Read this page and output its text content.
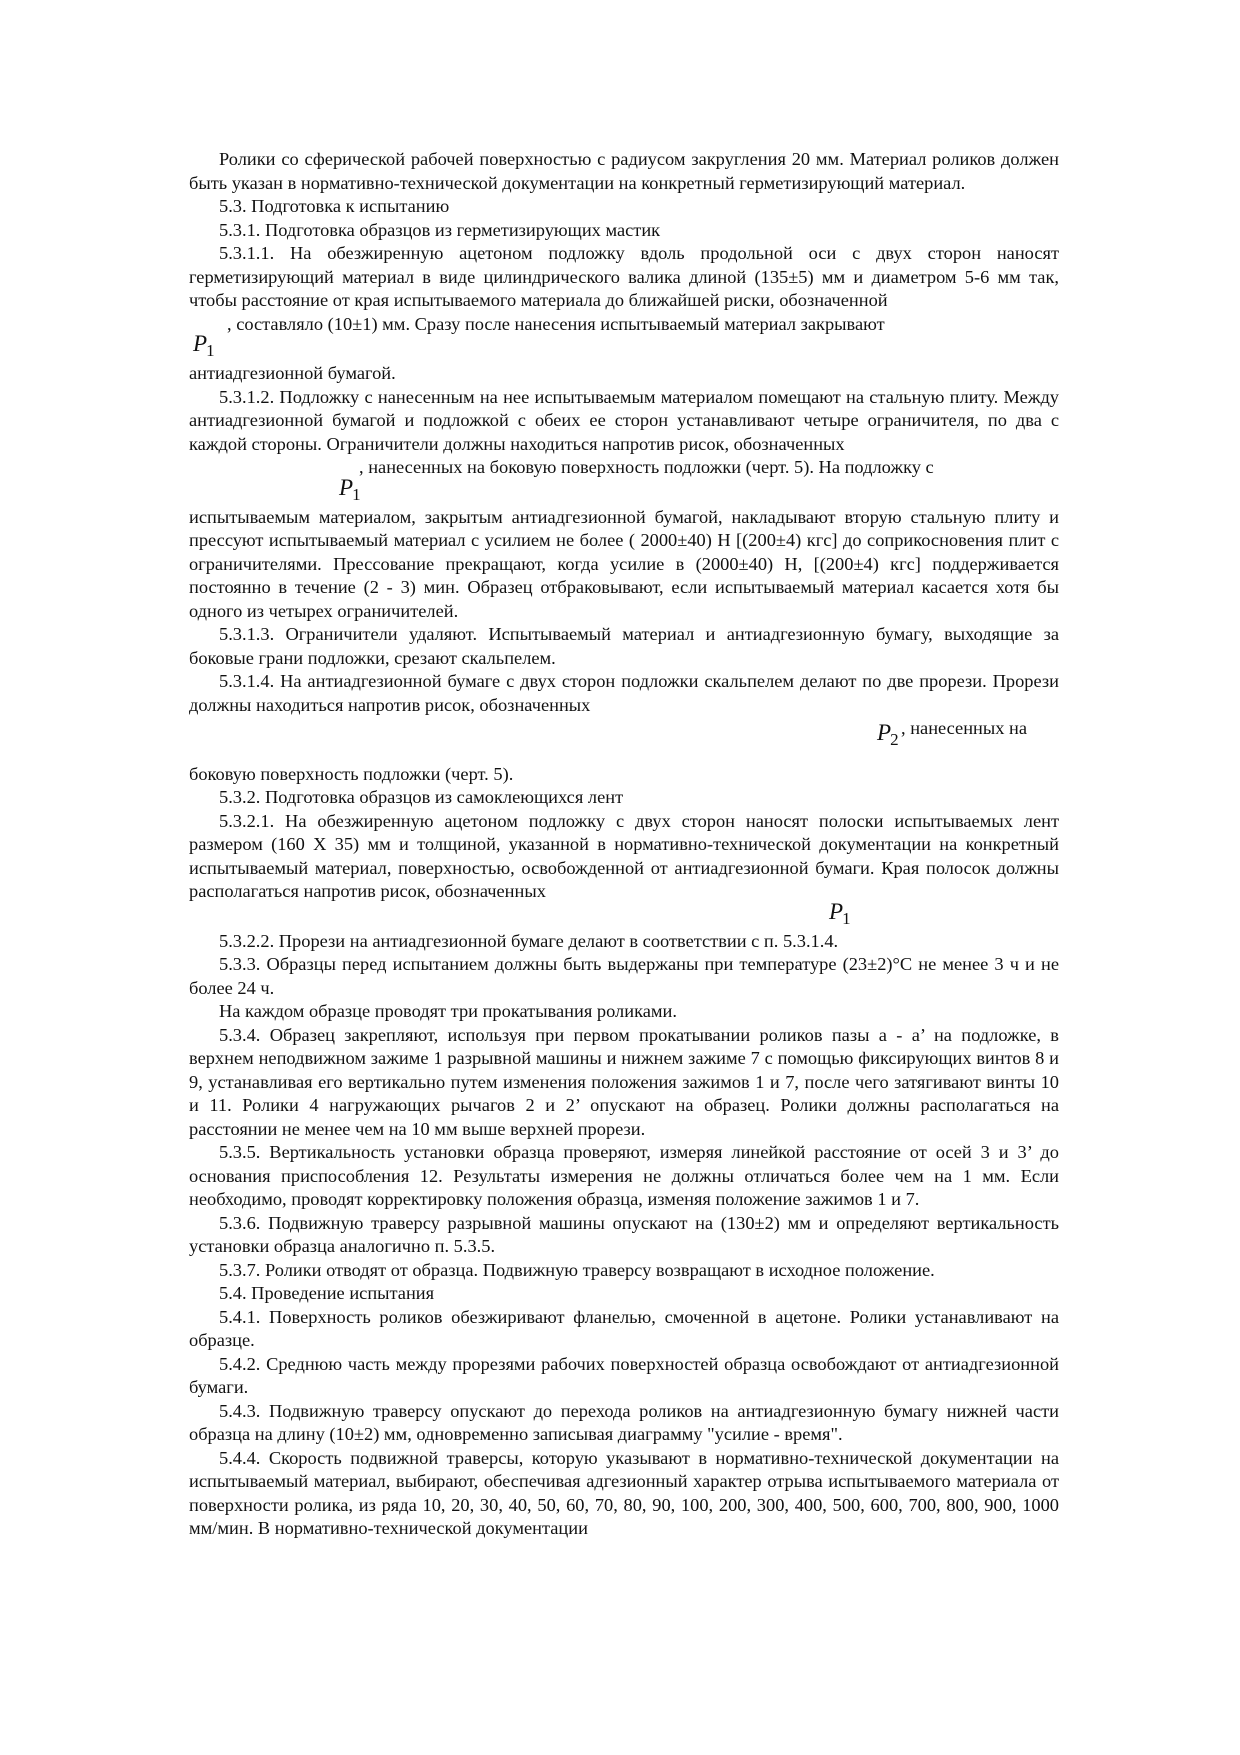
Ролики со сферической рабочей поверхностью с радиусом закругления 20 мм. Материал роликов должен быть указан в нормативно-технической документации на конкретный герметизирующий материал.

5.3. Подготовка к испытанию

5.3.1. Подготовка образцов из герметизирующих мастик

5.3.1.1. На обезжиренную ацетоном подложку вдоль продольной оси с двух сторон наносят герметизирующий материал в виде цилиндрического валика длиной (135±5) мм и диаметром 5-6 мм так, чтобы расстояние от края испытываемого материала до ближайшей риски, обозначенной

, составляло (10±1) мм. Сразу после нанесения испытываемый материал закрывают

$P_1$

антиадгезионной бумагой.

5.3.1.2. Подложку с нанесенным на нее испытываемым материалом помещают на стальную плиту. Между антиадгезионной бумагой и подложкой с обеих ее сторон устанавливают четыре ограничителя, по два с каждой стороны. Ограничители должны находиться напротив рисок, обозначенных

, нанесенных на боковую поверхность подложки (черт. 5). На подложку с

$P_1$

испытываемым материалом, закрытым антиадгезионной бумагой, накладывают вторую стальную плиту и прессуют испытываемый материал с усилием не более ( 2000±40) Н [(200±4) кгс] до соприкосновения плит с ограничителями. Прессование прекращают, когда усилие в (2000±40) Н, [(200±4) кгс] поддерживается постоянно в течение (2 - 3) мин. Образец отбраковывают, если испытываемый материал касается хотя бы одного из четырех ограничителей.

5.3.1.3. Ограничители удаляют. Испытываемый материал и антиадгезионную бумагу, выходящие за боковые грани подложки, срезают скальпелем.

5.3.1.4. На антиадгезионной бумаге с двух сторон подложки скальпелем делают по две прорези. Прорези должны находиться напротив рисок, обозначенных

, нанесенных на

$P_2$

боковую поверхность подложки (черт. 5).

5.3.2. Подготовка образцов из самоклеющихся лент

5.3.2.1. На обезжиренную ацетоном подложку с двух сторон наносят полоски испытываемых лент размером (160 Х 35) мм и толщиной, указанной в нормативно-технической документации на конкретный испытываемый материал, поверхностью, освобожденной от антиадгезионной бумаги. Края полосок должны располагаться напротив рисок, обозначенных

$P_1$

5.3.2.2. Прорези на антиадгезионной бумаге делают в соответствии с п. 5.3.1.4.

5.3.3. Образцы перед испытанием должны быть выдержаны при температуре (23±2)°С не менее 3 ч и не более 24 ч.

На каждом образце проводят три прокатывания роликами.

5.3.4. Образец закрепляют, используя при первом прокатывании роликов пазы а - а’ на подложке, в верхнем неподвижном зажиме 1 разрывной машины и нижнем зажиме 7 с помощью фиксирующих винтов 8 и 9, устанавливая его вертикально путем изменения положения зажимов 1 и 7, после чего затягивают винты 10 и 11. Ролики 4 нагружающих рычагов 2 и 2’ опускают на образец. Ролики должны располагаться на расстоянии не менее чем на 10 мм выше верхней прорези.

5.3.5. Вертикальность установки образца проверяют, измеряя линейкой расстояние от осей 3 и 3’ до основания приспособления 12. Результаты измерения не должны отличаться более чем на 1 мм. Если необходимо, проводят корректировку положения образца, изменяя положение зажимов 1 и 7.

5.3.6. Подвижную траверсу разрывной машины опускают на (130±2) мм и определяют вертикальность установки образца аналогично п. 5.3.5.

5.3.7. Ролики отводят от образца. Подвижную траверсу возвращают в исходное положение.

5.4. Проведение испытания

5.4.1. Поверхность роликов обезжиривают фланелью, смоченной в ацетоне. Ролики устанавливают на образце.

5.4.2. Среднюю часть между прорезями рабочих поверхностей образца освобождают от антиадгезионной бумаги.

5.4.3. Подвижную траверсу опускают до перехода роликов на антиадгезионную бумагу нижней части образца на длину (10±2) мм, одновременно записывая диаграмму "усилие - время".

5.4.4. Скорость подвижной траверсы, которую указывают в нормативно-технической документации на испытываемый материал, выбирают, обеспечивая адгезионный характер отрыва испытываемого материала от поверхности ролика, из ряда 10, 20, 30, 40, 50, 60, 70, 80, 90, 100, 200, 300, 400, 500, 600, 700, 800, 900, 1000 мм/мин. В нормативно-технической документации
